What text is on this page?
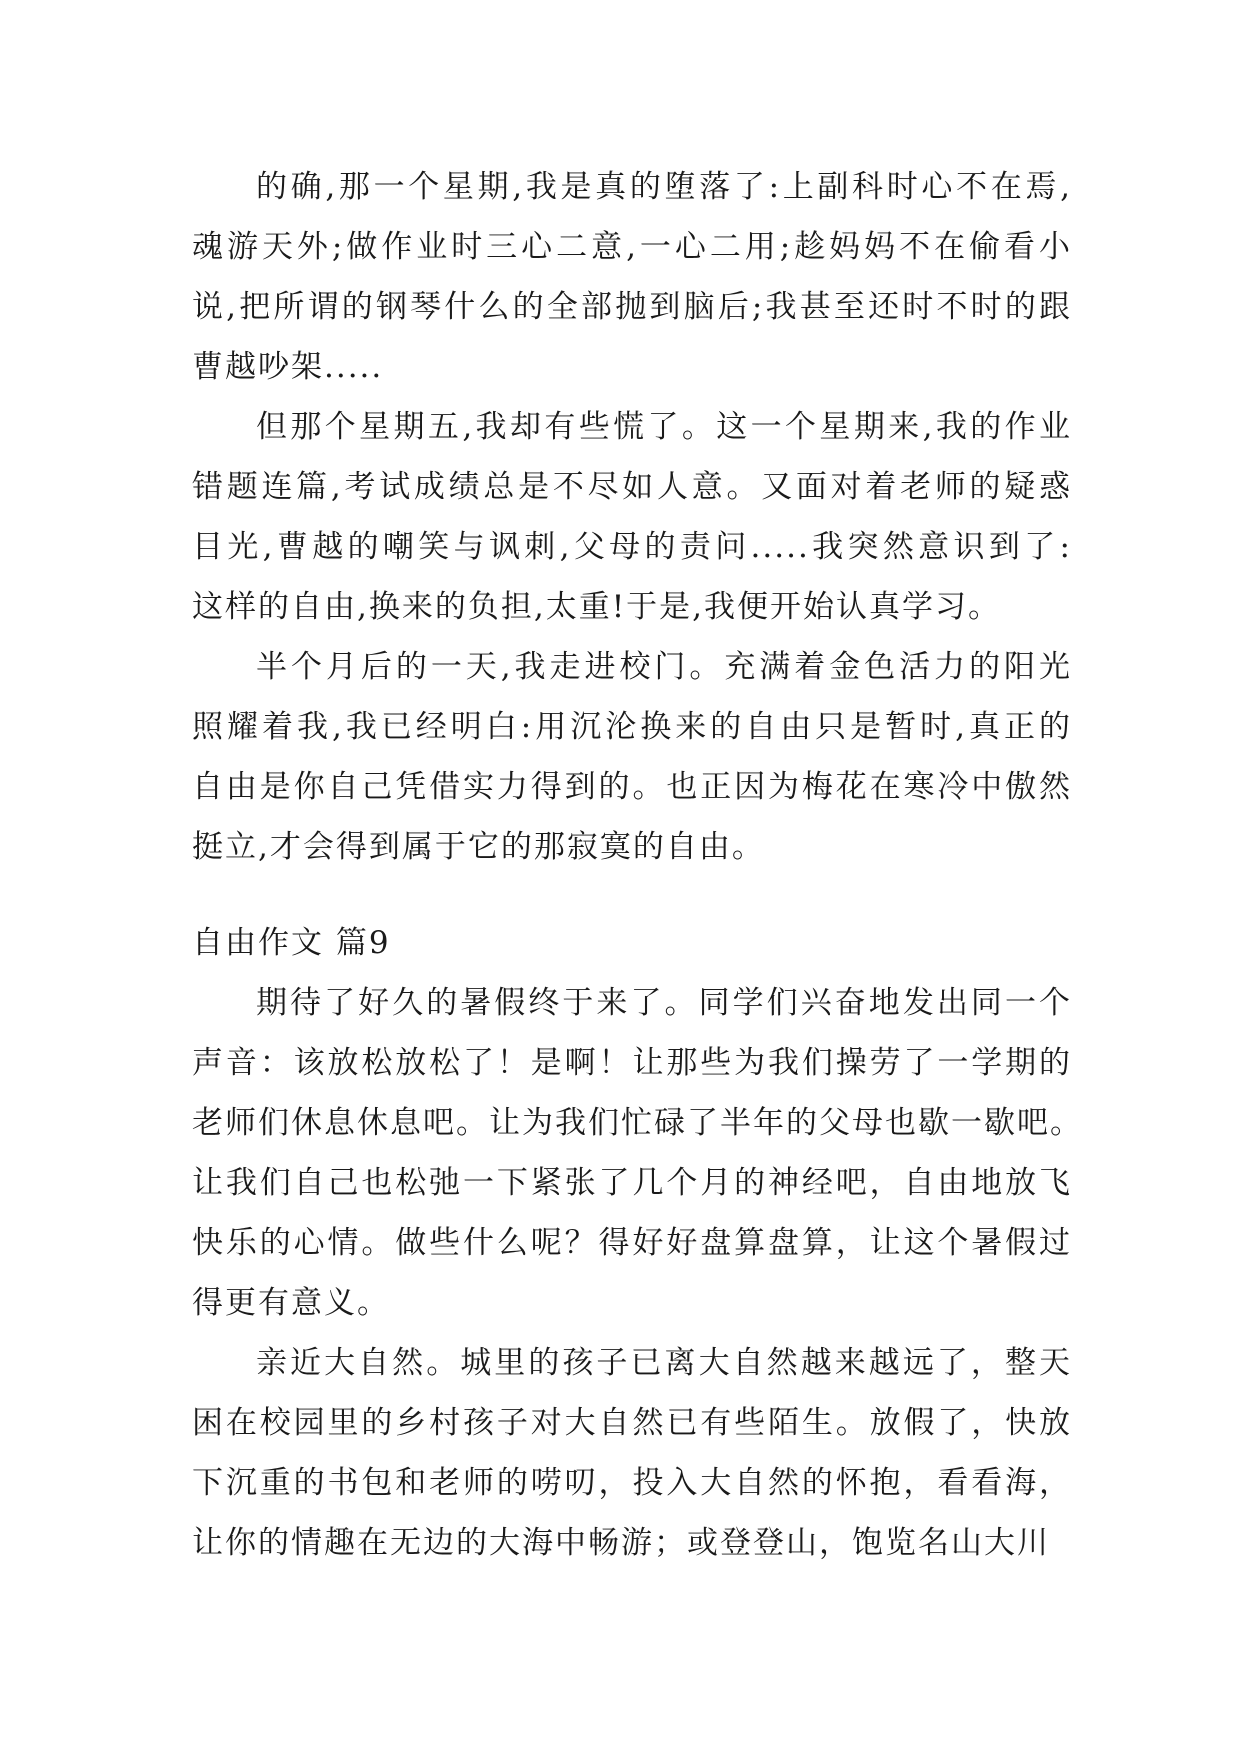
的确,那一个星期,我是真的堕落了:上副科时心不在焉,
魂游天外;做作业时三心二意,一心二用;趁妈妈不在偷看小
说,把所谓的钢琴什么的全部抛到脑后;我甚至还时不时的跟
曹越吵架.....
但那个星期五,我却有些慌了。这一个星期来,我的作业
错题连篇,考试成绩总是不尽如人意。又面对着老师的疑惑
目光,曹越的嘲笑与讽刺,父母的责问.....我突然意识到了:
这样的自由,换来的负担,太重!于是,我便开始认真学习。
半个月后的一天,我走进校门。充满着金色活力的阳光
照耀着我,我已经明白:用沉沦换来的自由只是暂时,真正的
自由是你自己凭借实力得到的。也正因为梅花在寒冷中傲然
挺立,才会得到属于它的那寂寞的自由。
自由作文 篇9
期待了好久的暑假终于来了。同学们兴奋地发出同一个
声音：该放松放松了！是啊！让那些为我们操劳了一学期的
老师们休息休息吧。让为我们忙碌了半年的父母也歇一歇吧。
让我们自己也松弛一下紧张了几个月的神经吧，自由地放飞
快乐的心情。做些什么呢？得好好盘算盘算，让这个暑假过
得更有意义。
亲近大自然。城里的孩子已离大自然越来越远了，整天
困在校园里的乡村孩子对大自然已有些陌生。放假了，快放
下沉重的书包和老师的唠叨，投入大自然的怀抱，看看海，
让你的情趣在无边的大海中畅游；或登登山，饱览名山大川
